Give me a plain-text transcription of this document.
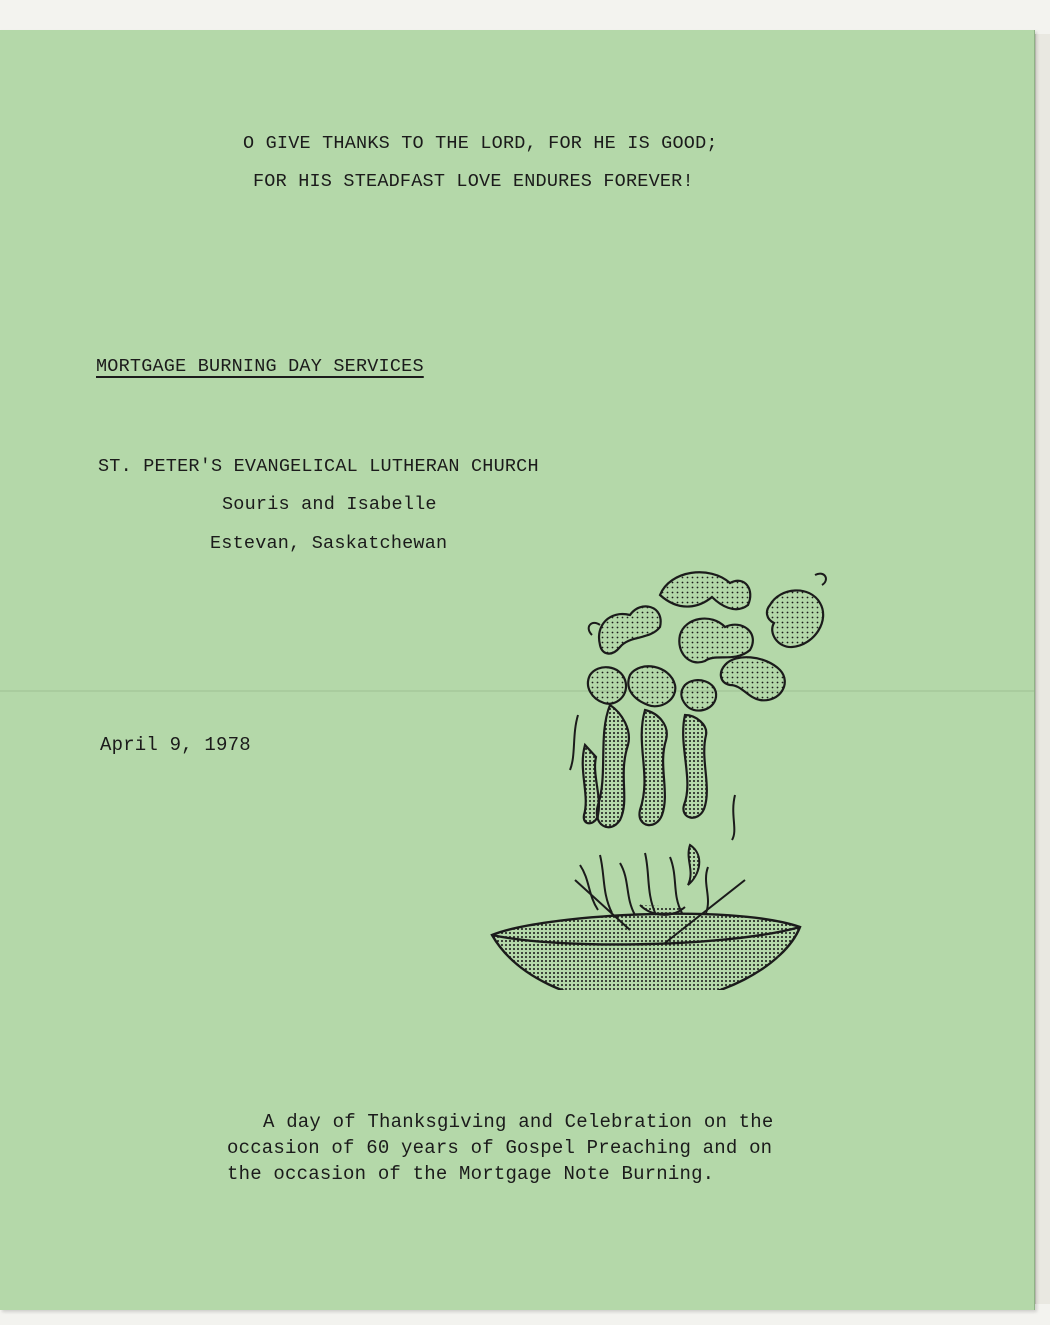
O GIVE THANKS TO THE LORD, FOR HE IS GOOD;
FOR HIS STEADFAST LOVE ENDURES FOREVER!
MORTGAGE BURNING DAY SERVICES
ST. PETER'S EVANGELICAL LUTHERAN CHURCH
Souris and Isabelle
Estevan, Saskatchewan
April 9, 1978
A day of Thanksgiving and Celebration on the
occasion of 60 years of Gospel Preaching and on
the occasion of the Mortgage Note Burning.
